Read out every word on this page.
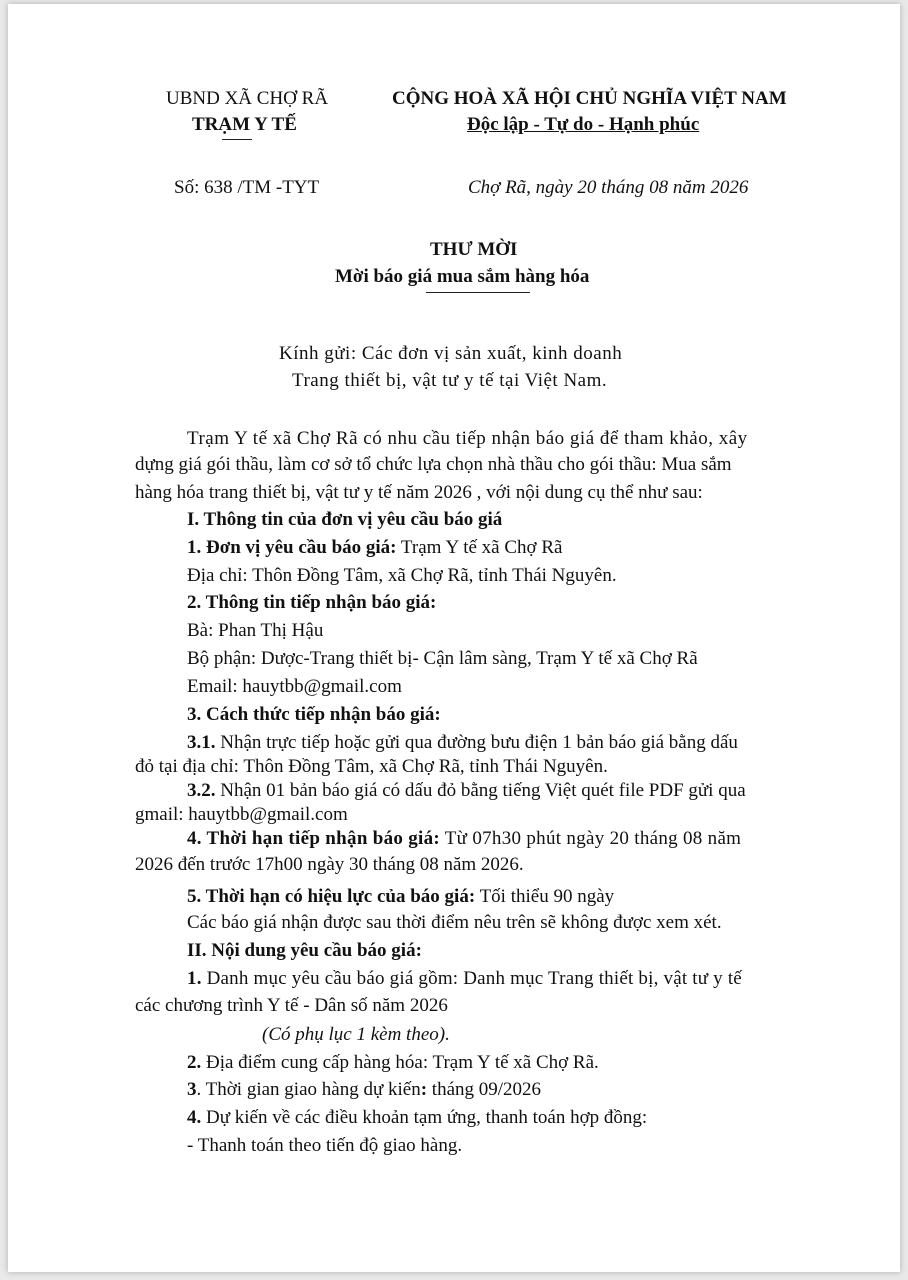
UBND XÃ CHỢ RÃ
TRẠM Y TẾ
CỘNG HOÀ XÃ HỘI CHỦ NGHĨA VIỆT NAM
Độc lập - Tự do - Hạnh phúc
Số: 638 /TM -TYT	Chợ Rã, ngày 20 tháng 08 năm 2026
THƯ MỜI
Mời báo giá mua sắm hàng hóa
Kính gửi: Các đơn vị sản xuất, kinh doanh
Trang thiết bị, vật tư y tế tại Việt Nam.
Trạm Y tế xã Chợ Rã có nhu cầu tiếp nhận báo giá để tham khảo, xây
dựng giá gói thầu, làm cơ sở tổ chức lựa chọn nhà thầu cho gói thầu: Mua sắm
hàng hóa trang thiết bị, vật tư y tế năm 2026 , với nội dung cụ thể như sau:
I. Thông tin của đơn vị yêu cầu báo giá
1. Đơn vị yêu cầu báo giá: Trạm Y tế xã Chợ Rã
Địa chỉ: Thôn Đồng Tâm, xã Chợ Rã, tỉnh Thái Nguyên.
2. Thông tin tiếp nhận báo giá:
Bà: Phan Thị Hậu
Bộ phận: Dược-Trang thiết bị- Cận lâm sàng, Trạm Y tế xã Chợ Rã
Email: hauytbb@gmail.com
3. Cách thức tiếp nhận báo giá:
3.1. Nhận trực tiếp hoặc gửi qua đường bưu điện 1 bản báo giá bằng dấu
đỏ tại địa chỉ: Thôn Đồng Tâm, xã Chợ Rã, tỉnh Thái Nguyên.
3.2. Nhận 01 bản báo giá có dấu đỏ bằng tiếng Việt quét file PDF gửi qua
gmail: hauytbb@gmail.com
4. Thời hạn tiếp nhận báo giá: Từ 07h30 phút ngày 20 tháng 08 năm
2026 đến trước 17h00 ngày 30 tháng 08 năm 2026.
5. Thời hạn có hiệu lực của báo giá: Tối thiểu 90 ngày
Các báo giá nhận được sau thời điểm nêu trên sẽ không được xem xét.
II. Nội dung yêu cầu báo giá:
1. Danh mục yêu cầu báo giá gồm: Danh mục Trang thiết bị, vật tư y tế
các chương trình Y tế - Dân số năm 2026
(Có phụ lục 1 kèm theo).
2. Địa điểm cung cấp hàng hóa: Trạm Y tế xã Chợ Rã.
3. Thời gian giao hàng dự kiến: tháng 09/2026
4. Dự kiến về các điều khoản tạm ứng, thanh toán hợp đồng:
- Thanh toán theo tiến độ giao hàng.
